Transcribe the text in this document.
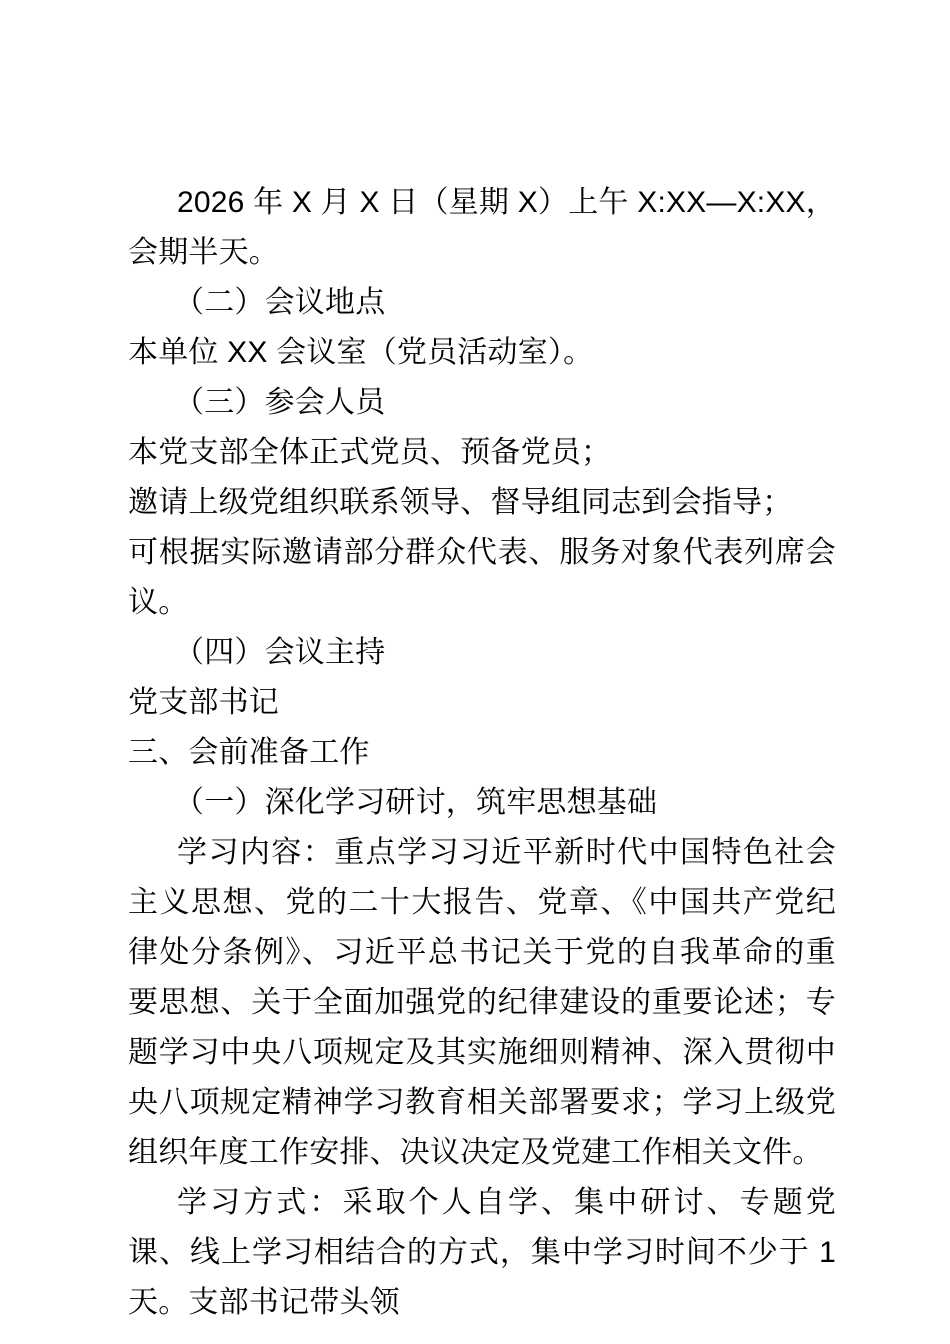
2026 年 X 月 X 日（星期 X）上午 X:XX—X:XX，会期半天。

（二）会议地点

本单位 XX 会议室（党员活动室）。

（三）参会人员

本党支部全体正式党员、预备党员；

邀请上级党组织联系领导、督导组同志到会指导；

可根据实际邀请部分群众代表、服务对象代表列席会议。

（四）会议主持

党支部书记

三、会前准备工作

（一）深化学习研讨，筑牢思想基础

学习内容：重点学习习近平新时代中国特色社会主义思想、党的二十大报告、党章、《中国共产党纪律处分条例》、习近平总书记关于党的自我革命的重要思想、关于全面加强党的纪律建设的重要论述；专题学习中央八项规定及其实施细则精神、深入贯彻中央八项规定精神学习教育相关部署要求；学习上级党组织年度工作安排、决议决定及党建工作相关文件。

学习方式：采取个人自学、集中研讨、专题党课、线上学习相结合的方式，集中学习时间不少于 1 天。支部书记带头领
